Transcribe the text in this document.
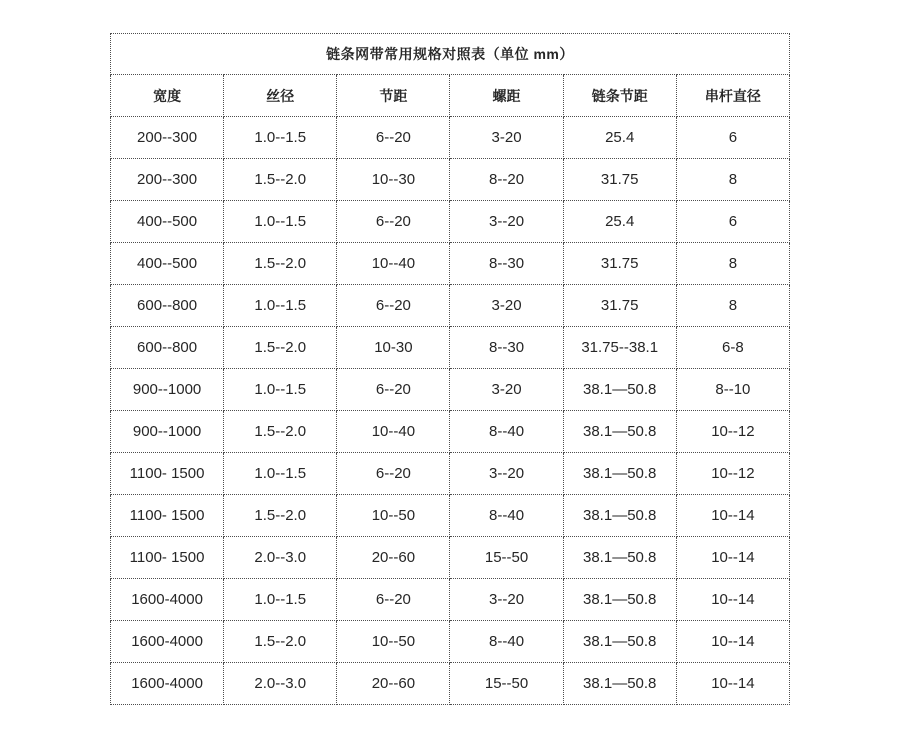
链条网带常用规格对照表（单位 mm）					
宽度	丝径	节距	螺距	链条节距	串杆直径
200--300	1.0--1.5	6--20	3-20	25.4	6
200--300	1.5--2.0	10--30	8--20	31.75	8
400--500	1.0--1.5	6--20	3--20	25.4	6
400--500	1.5--2.0	10--40	8--30	31.75	8
600--800	1.0--1.5	6--20	3-20	31.75	8
600--800	1.5--2.0	10-30	8--30	31.75--38.1	6-8
900--1000	1.0--1.5	6--20	3-20	38.1—50.8	8--10
900--1000	1.5--2.0	10--40	8--40	38.1—50.8	10--12
1100- 1500	1.0--1.5	6--20	3--20	38.1—50.8	10--12
1100- 1500	1.5--2.0	10--50	8--40	38.1—50.8	10--14
1100- 1500	2.0--3.0	20--60	15--50	38.1—50.8	10--14
1600-4000	1.0--1.5	6--20	3--20	38.1—50.8	10--14
1600-4000	1.5--2.0	10--50	8--40	38.1—50.8	10--14
1600-4000	2.0--3.0	20--60	15--50	38.1—50.8	10--14
